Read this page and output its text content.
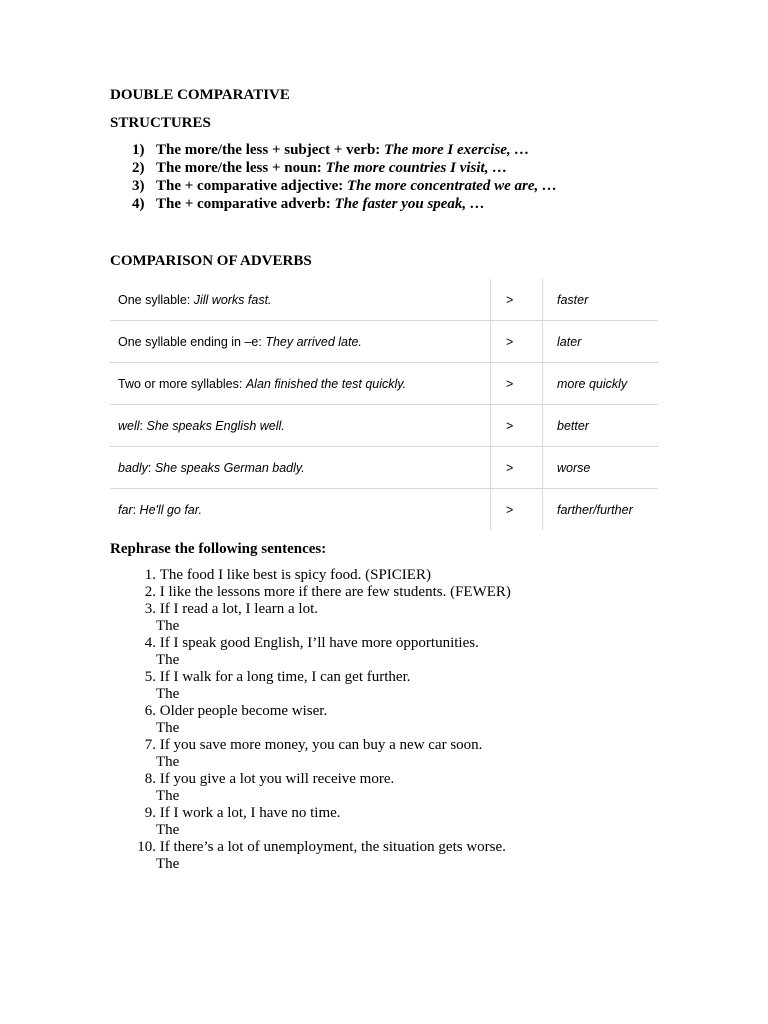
DOUBLE COMPARATIVE
STRUCTURES
1) The more/the less + subject + verb: The more I exercise, …
2) The more/the less + noun: The more countries I visit, …
3) The + comparative adjective: The more concentrated we are, …
4) The + comparative adverb: The faster you speak, …
COMPARISON OF ADVERBS
One syllable: Jill works fast.	>	faster
One syllable ending in –e: They arrived late.	>	later
Two or more syllables: Alan finished the test quickly.	>	more quickly
well: She speaks English well.	>	better
badly: She speaks German badly.	>	worse
far: He'll go far.	>	farther/further
Rephrase the following sentences:
1. The food I like best is spicy food. (SPICIER)
2. I like the lessons more if there are few students. (FEWER)
3. If I read a lot, I learn a lot.
The
4. If I speak good English, I’ll have more opportunities.
The
5. If I walk for a long time, I can get further.
The
6. Older people become wiser.
The
7. If you save more money, you can buy a new car soon.
The
8. If you give a lot you will receive more.
The
9. If I work a lot, I have no time.
The
10. If there’s a lot of unemployment, the situation gets worse.
The
